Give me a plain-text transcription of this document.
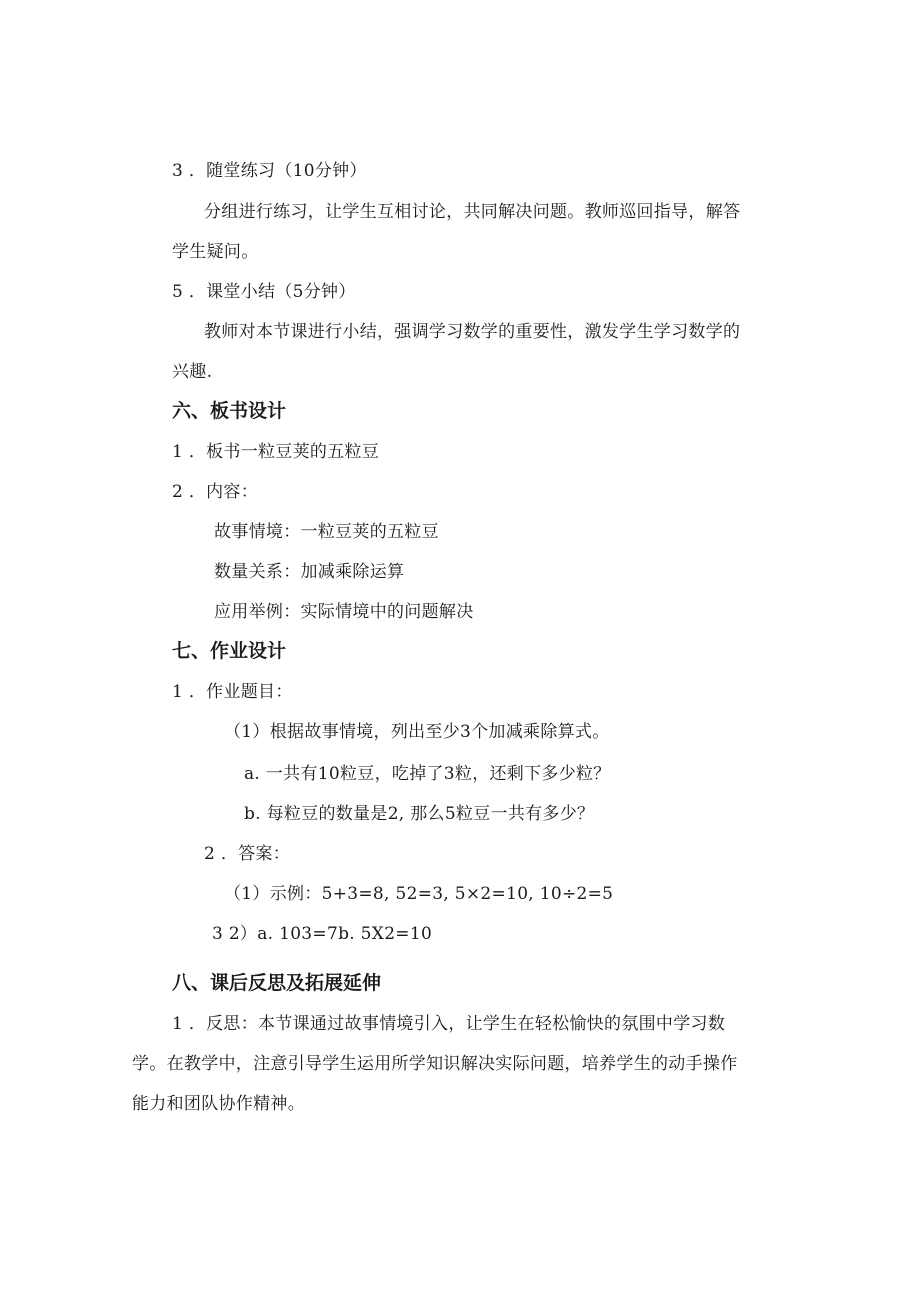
3 ．随堂练习（10分钟）
分组进行练习，让学生互相讨论，共同解决问题。教师巡回指导，解答
学生疑问。
5 ．课堂小结（5分钟）
教师对本节课进行小结，强调学习数学的重要性，激发学生学习数学的
兴趣.
六、板书设计
1 ．板书一粒豆荚的五粒豆
2 ．内容：
故事情境：一粒豆荚的五粒豆
数量关系：加减乘除运算
应用举例：实际情境中的问题解决
七、作业设计
1 ．作业题目：
（1）根据故事情境，列出至少3个加减乘除算式。
a. 一共有10粒豆，吃掉了3粒，还剩下多少粒？
b. 每粒豆的数量是2, 那么5粒豆一共有多少？
2 ．答案：
（1）示例：5+3=8, 52=3, 5×2=10, 10÷2=5
3 2）a. 103=7b. 5X2=10
八、课后反思及拓展延伸
1 ．反思：本节课通过故事情境引入，让学生在轻松愉快的氛围中学习数
学。在教学中，注意引导学生运用所学知识解决实际问题，培养学生的动手操作
能力和团队协作精神。
